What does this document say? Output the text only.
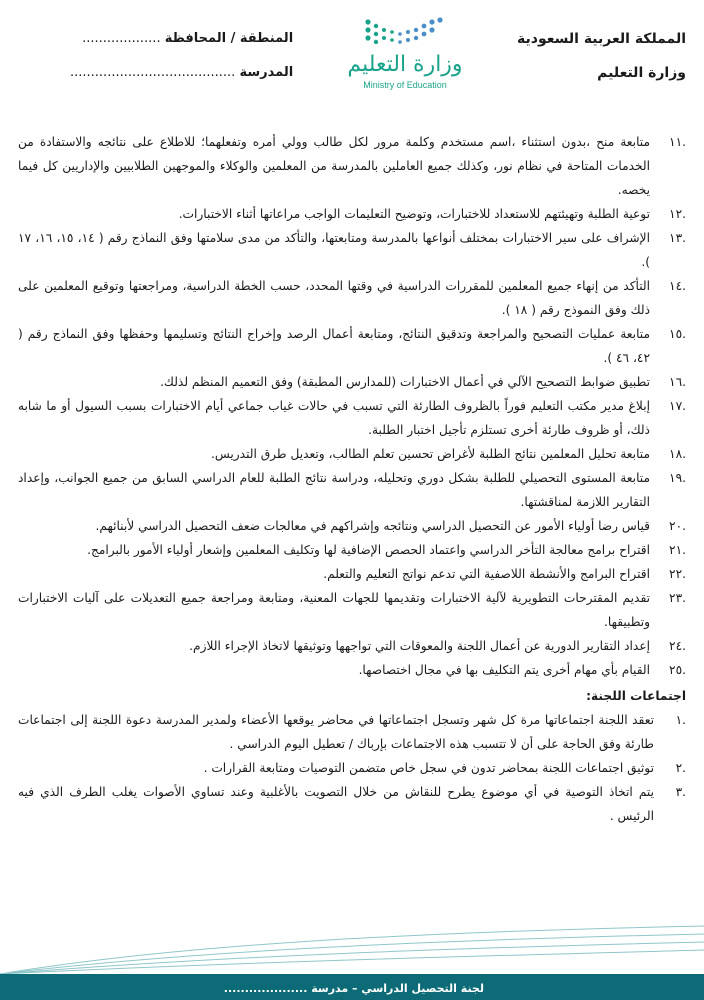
المملكة العربية السعودية
وزارة التعليم
وزارة التعليم
Ministry of Education
المنطقة / المحافظة ...................
المدرسة ........................................
١١.
متابعة منح ،بدون استثناء ،اسم مستخدم وكلمة مرور لكل طالب وولي أمره وتفعلهما؛ للاطلاع على نتائجه والاستفادة من الخدمات المتاحة في نظام نور، وكذلك جميع العاملين بالمدرسة من المعلمين والوكلاء والموجهين الطلابيين والإداريين كل فيما يخصه.
١٢.
توعية الطلبة وتهيئتهم للاستعداد للاختبارات، وتوضيح التعليمات الواجب مراعاتها أثناء الاختبارات.
١٣.
الإشراف على سير الاختبارات بمختلف أنواعها بالمدرسة ومتابعتها، والتأكد من مدى سلامتها وفق النماذج رقم ( ١٤، ١٥، ١٦، ١٧ ).
١٤.
التأكد من إنهاء جميع المعلمين للمقررات الدراسية في وقتها المحدد، حسب الخطة الدراسية، ومراجعتها وتوقيع المعلمين على ذلك وفق النموذج رقم ( ١٨ ).
١٥.
متابعة عمليات التصحيح والمراجعة وتدقيق النتائج، ومتابعة أعمال الرصد وإخراج النتائج وتسليمها وحفظها وفق النماذج رقم ( ٤٢، ٤٦ ).
١٦.
تطبيق ضوابط التصحيح الآلي في أعمال الاختبارات (للمدارس المطبقة) وفق التعميم المنظم لذلك.
١٧.
إبلاغ مدير مكتب التعليم فوراً بالظروف الطارئة التي تسبب في حالات غياب جماعي أيام الاختبارات بسبب السيول أو ما شابه ذلك، أو ظروف طارئة أخرى تستلزم تأجيل اختبار الطلبة.
١٨.
متابعة تحليل المعلمين نتائج الطلبة لأغراض تحسين تعلم الطالب، وتعديل طرق التدريس.
١٩.
متابعة المستوى التحصيلي للطلبة بشكل دوري وتحليله، ودراسة نتائج الطلبة للعام الدراسي السابق من جميع الجوانب، وإعداد التقارير اللازمة لمناقشتها.
٢٠.
قياس رضا أولياء الأمور عن التحصيل الدراسي ونتائجه وإشراكهم في معالجات ضعف التحصيل الدراسي لأبنائهم.
٢١.
اقتراح برامج معالجة التأخر الدراسي واعتماد الحصص الإضافية لها وتكليف المعلمين وإشعار أولياء الأمور بالبرامج.
٢٢.
اقتراح البرامج والأنشطة اللاصفية التي تدعم نواتج التعليم والتعلم.
٢٣.
تقديم المقترحات التطويرية لآلية الاختبارات وتقديمها للجهات المعنية، ومتابعة ومراجعة جميع التعديلات على آليات الاختبارات وتطبيقها.
٢٤.
إعداد التقارير الدورية عن أعمال اللجنة والمعوقات التي تواجهها وتوثيقها لاتخاذ الإجراء اللازم.
٢٥.
القيام بأي مهام أخرى يتم التكليف بها في مجال اختصاصها.
اجتماعات اللجنة:
١.
تعقد اللجنة اجتماعاتها مرة كل شهر وتسجل اجتماعاتها في محاضر يوقعها الأعضاء ولمدير المدرسة دعوة اللجنة إلى اجتماعات طارئة وفق الحاجة على أن لا تتسبب هذه الاجتماعات بإرباك / تعطيل اليوم الدراسي .
٢.
توثيق اجتماعات اللجنة بمحاضر تدون في سجل خاص متضمن التوصيات ومتابعة القرارات .
٣.
يتم اتخاذ التوصية في أي موضوع يطرح للنقاش من خلال التصويت بالأغلبية وعند تساوي الأصوات يغلب الطرف الذي فيه الرئيس .
لجنة التحصيل الدراسي – مدرسة ....................
